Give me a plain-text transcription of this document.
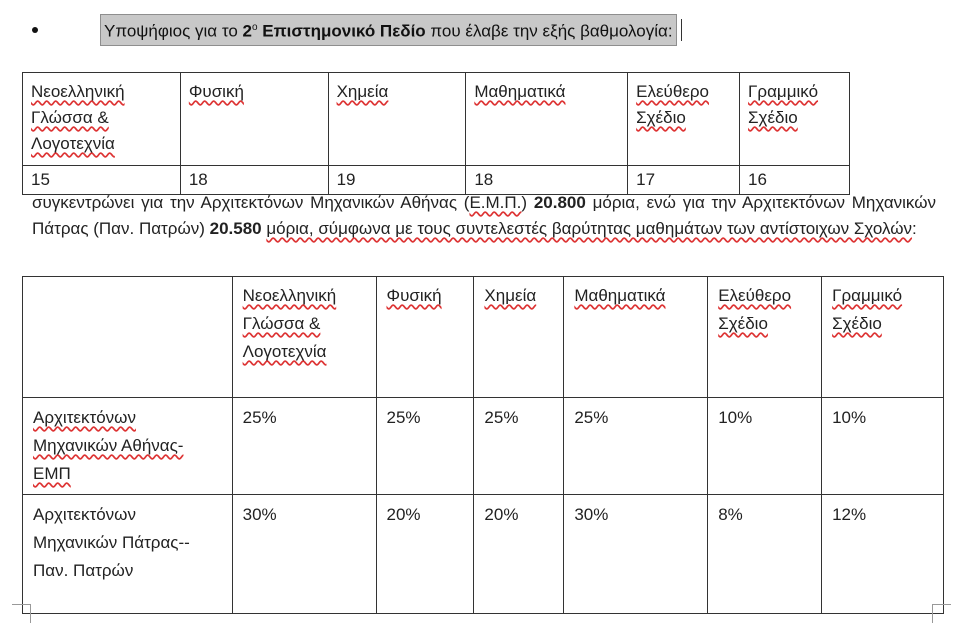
Υποψήφιος για το $2^o$ Επιστημονικό Πεδίο που έλαβε την εξής βαθμολογία:
Νεοελληνική Γλώσσα & Λογοτεχνία	Φυσική	Χημεία	Μαθηματικά	Ελεύθερο Σχέδιο	Γραμμικό Σχέδιο
15	18	19	18	17	16

συγκεντρώνει για την Αρχιτεκτόνων Μηχανικών Αθήνας (Ε.Μ.Π.) 20.800 μόρια, ενώ για την Αρχιτεκτόνων Μηχανικών Πάτρας (Παν. Πατρών) 20.580 μόρια, σύμφωνα με τους συντελεστές βαρύτητας μαθημάτων των αντίστοιχων Σχολών:

	Νεοελληνική Γλώσσα & Λογοτεχνία	Φυσική	Χημεία	Μαθηματικά	Ελεύθερο Σχέδιο	Γραμμικό Σχέδιο
Αρχιτεκτόνων Μηχανικών Αθήνας- ΕΜΠ	25%	25%	25%	25%	10%	10%
Αρχιτεκτόνων Μηχανικών Πάτρας--Παν. Πατρών	30%	20%	20%	30%	8%	12%
